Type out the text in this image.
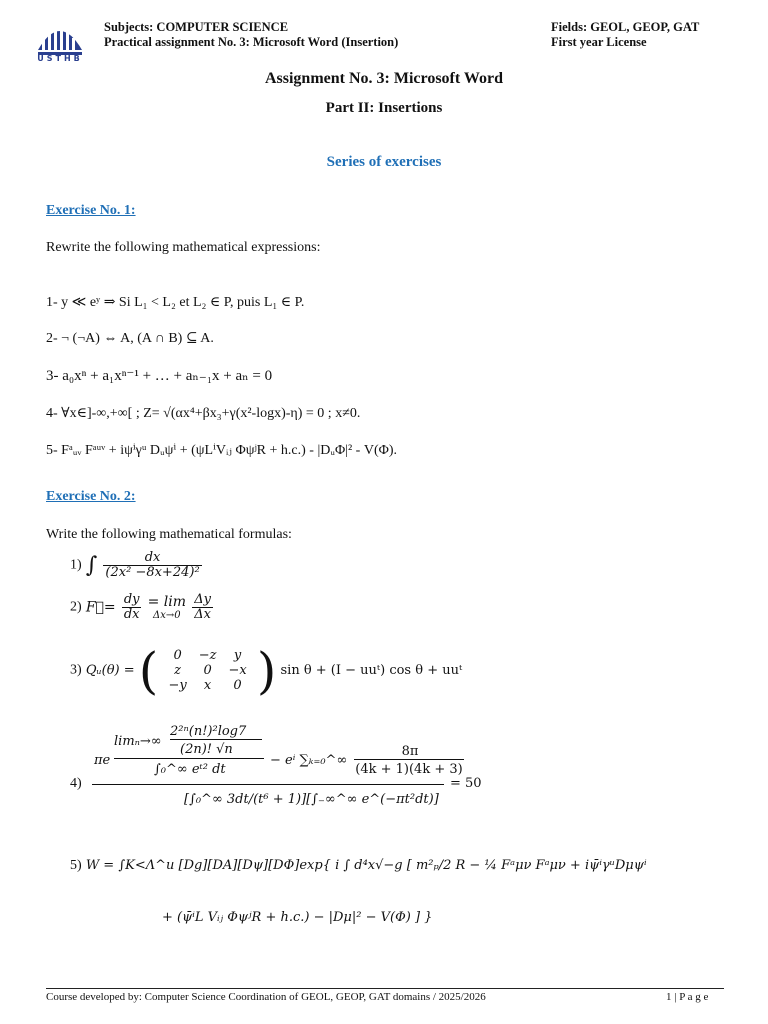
USTHB
Subjects: COMPUTER SCIENCE
Practical assignment No. 3: Microsoft Word (Insertion)
Fields: GEOL, GEOP, GAT
First year License
Assignment No. 3: Microsoft Word
Part II: Insertions
Series of exercises
Exercise No. 1:
Rewrite the following mathematical expressions:
1- y ≪ eʸ ⇒ Si L₁ ˂ L₂ et L₂ ∈ P, puis L₁ ∈ P.
2- ¬ (¬A) ⇔ A, (A ∩ B) ⊆ A.
3- a₀xⁿ + a₁xⁿ⁻¹ + … + aₙ₋₁x + aₙ = 0
4- ∀x∈]-∞,+∞[ ; Z= √(αx⁴+βx₃+γ(x²-logx)-η) = 0 ; x≠0.
5- Fᵃᵤᵥ Fᵃᵘᵛ + iψⁱγᵘ Dᵤψⁱ + (ψLⁱVᵢⱼ ΦψʲR + h.c.) - |DᵤΦ|² - V(Φ).
Exercise No. 2:
Write the following mathematical formulas:
1) ∫ $\frac{dx}{\text{(2x² −8x+24)²}}$
2) F⃗= $\frac{dy}{dx}$
= lim
Δx→0
$\frac{\Delta y}{\Delta x}$
3) Qᵤ(θ) = ( 0	−z	y
z	0	−x
−y	x	0 ) sin θ + (I − uuᵗ) cos θ + uuᵗ
4)
πe
limₙ→∞
2²ⁿ(n!)²log7
(2n)! √n
∫₀^∞ eᵗ² dt
− eⁱ ∑ₖ₌₀^∞
8π
(4k + 1)(4k + 3)
[∫₀^∞ 3dt/(t⁶ + 1)][∫₋∞^∞ e^(−πt²dt)]
= 50
5) W = ∫K<Λ^u [Dg][DA][Dψ][DΦ]exp{ i ∫ d⁴x√−g [ m²ₚ/2 R − ¼ Fᵃμν Fᵃμν + iψ̄ⁱγᵘDμψⁱ
+ (ψ̄ⁱL Vᵢⱼ ΦψʲR + h.c.) − |Dμ|² − V(Φ) ] }
Course developed by: Computer Science Coordination of GEOL, GEOP, GAT domains / 2025/2026	1 | P a g e
